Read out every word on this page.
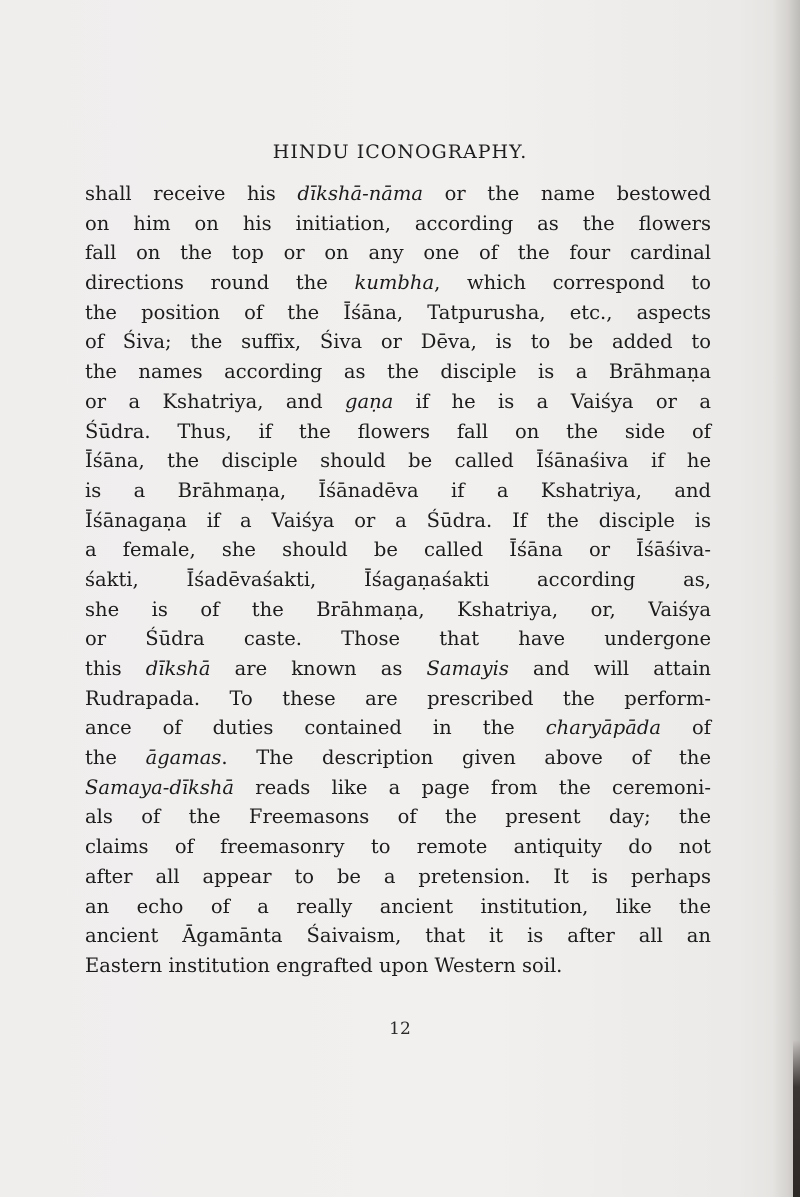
HINDU ICONOGRAPHY.
shall receive his dīkshā-nāma or the name bestowed
on him on his initiation, according as the flowers
fall on the top or on any one of the four cardinal
directions round the kumbha, which correspond to
the position of the Īśāna, Tatpurusha, etc., aspects
of Śiva; the suffix, Śiva or Dēva, is to be added to
the names according as the disciple is a Brāhmaṇa
or a Kshatriya, and gaṇa if he is a Vaiśya or a
Śūdra. Thus, if the flowers fall on the side of
Īśāna, the disciple should be called Īśānaśiva if he
is a Brāhmaṇa, Īśānadēva if a Kshatriya, and
Īśānagaṇa if a Vaiśya or a Śūdra. If the disciple is
a female, she should be called Īśāna or Īśāśiva-
śakti, Īśadēvaśakti, Īśagaṇaśakti according as,
she is of the Brāhmaṇa, Kshatriya, or, Vaiśya
or Śūdra caste. Those that have undergone
this dīkshā are known as Samayis and will attain
Rudrapada. To these are prescribed the perform-
ance of duties contained in the charyāpāda of
the āgamas. The description given above of the
Samaya-dīkshā reads like a page from the ceremoni-
als of the Freemasons of the present day; the
claims of freemasonry to remote antiquity do not
after all appear to be a pretension. It is perhaps
an echo of a really ancient institution, like the
ancient Āgamānta Śaivaism, that it is after all an
Eastern institution engrafted upon Western soil.
12
